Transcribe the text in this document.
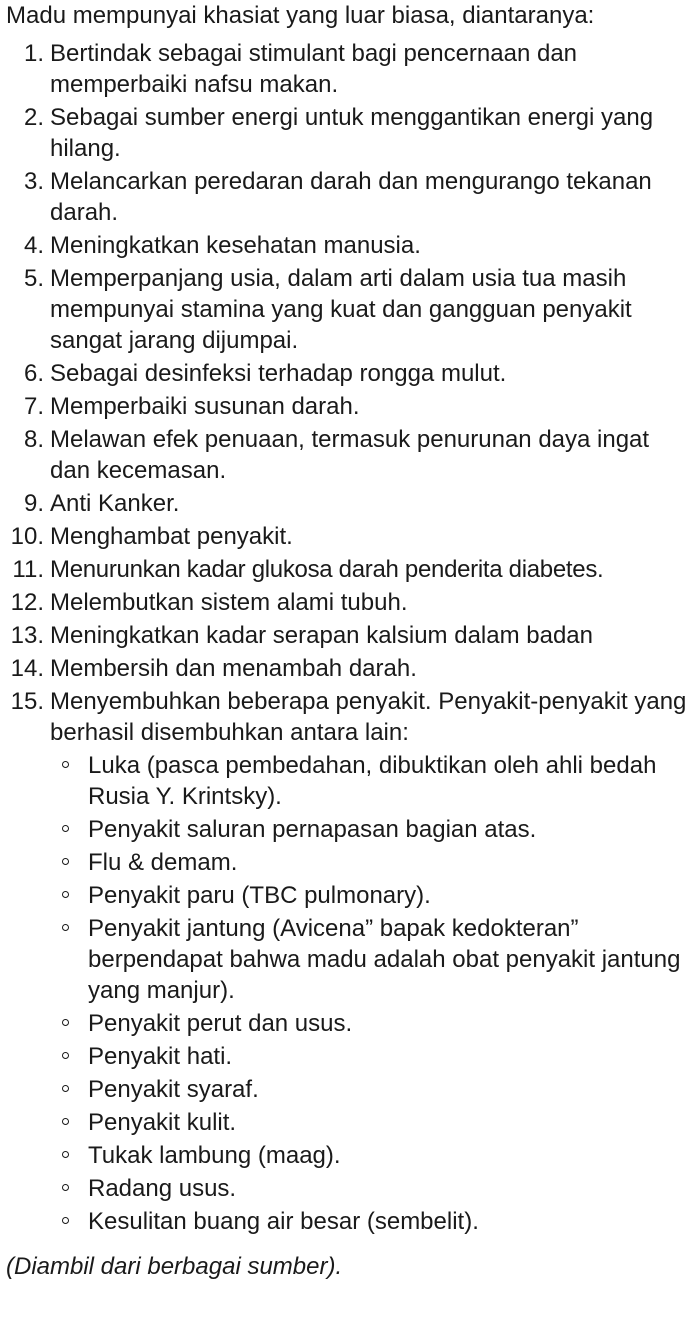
Madu mempunyai khasiat yang luar biasa, diantaranya:

1. Bertindak sebagai stimulant bagi pencernaan dan memperbaiki nafsu makan.
2. Sebagai sumber energi untuk menggantikan energi yang hilang.
3. Melancarkan peredaran darah dan mengurango tekanan darah.
4. Meningkatkan kesehatan manusia.
5. Memperpanjang usia, dalam arti dalam usia tua masih mempunyai stamina yang kuat dan gangguan penyakit sangat jarang dijumpai.
6. Sebagai desinfeksi terhadap rongga mulut.
7. Memperbaiki susunan darah.
8. Melawan efek penuaan, termasuk penurunan daya ingat dan kecemasan.
9. Anti Kanker.
10. Menghambat penyakit.
11. Menurunkan kadar glukosa darah penderita diabetes.
12. Melembutkan sistem alami tubuh.
13. Meningkatkan kadar serapan kalsium dalam badan
14. Membersih dan menambah darah.
15. Menyembuhkan beberapa penyakit. Penyakit-penyakit yang berhasil disembuhkan antara lain:
Luka (pasca pembedahan, dibuktikan oleh ahli bedah Rusia Y. Krintsky).
Penyakit saluran pernapasan bagian atas.
Flu & demam.
Penyakit paru (TBC pulmonary).
Penyakit jantung (Avicena” bapak kedokteran” berpendapat bahwa madu adalah obat penyakit jantung yang manjur).
Penyakit perut dan usus.
Penyakit hati.
Penyakit syaraf.
Penyakit kulit.
Tukak lambung (maag).
Radang usus.
Kesulitan buang air besar (sembelit).

(Diambil dari berbagai sumber).
